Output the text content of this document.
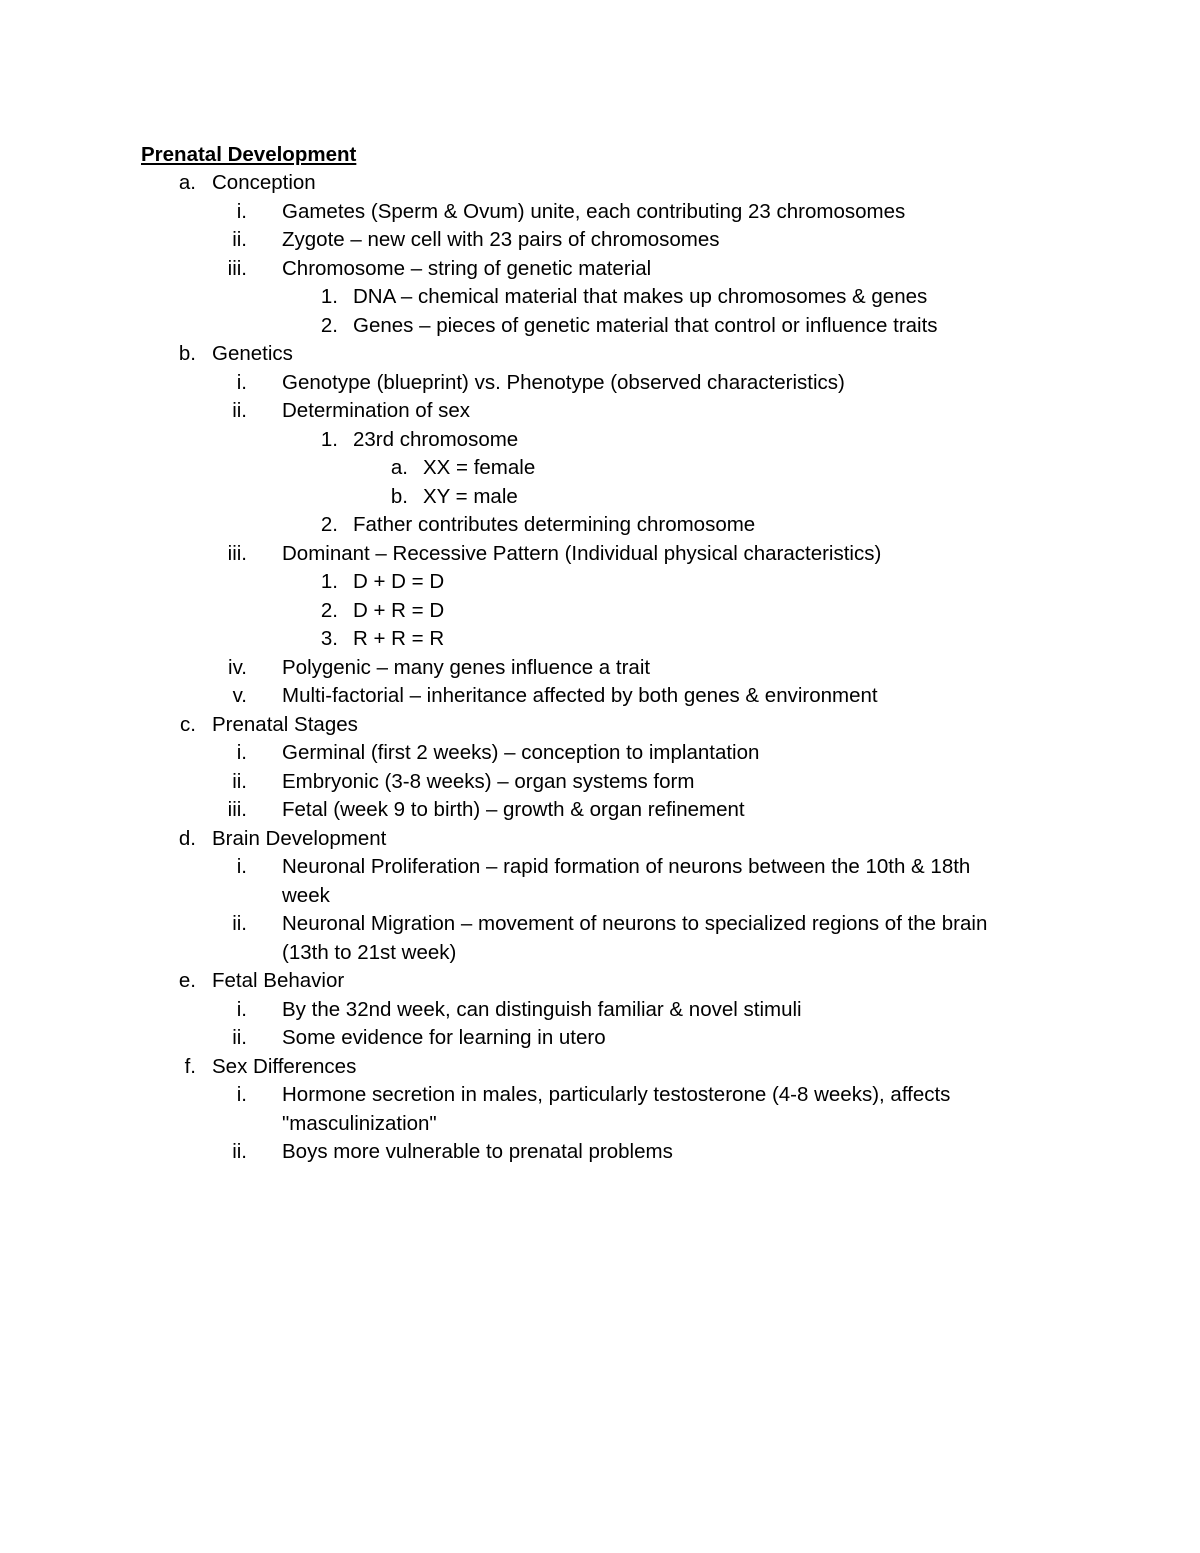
Prenatal Development
a. Conception
i. Gametes (Sperm & Ovum) unite, each contributing 23 chromosomes
ii. Zygote – new cell with 23 pairs of chromosomes
iii. Chromosome – string of genetic material
1. DNA – chemical material that makes up chromosomes & genes
2. Genes – pieces of genetic material that control or influence traits
b. Genetics
i. Genotype (blueprint) vs. Phenotype (observed characteristics)
ii. Determination of sex
1. 23rd chromosome
a. XX = female
b. XY = male
2. Father contributes determining chromosome
iii. Dominant – Recessive Pattern (Individual physical characteristics)
1. D + D = D
2. D + R = D
3. R + R = R
iv. Polygenic – many genes influence a trait
v. Multi-factorial – inheritance affected by both genes & environment
c. Prenatal Stages
i. Germinal (first 2 weeks) – conception to implantation
ii. Embryonic (3-8 weeks) – organ systems form
iii. Fetal (week 9 to birth) – growth & organ refinement
d. Brain Development
i. Neuronal Proliferation – rapid formation of neurons between the 10th & 18th
week
ii. Neuronal Migration – movement of neurons to specialized regions of the brain
(13th to 21st week)
e. Fetal Behavior
i. By the 32nd week, can distinguish familiar & novel stimuli
ii. Some evidence for learning in utero
f. Sex Differences
i. Hormone secretion in males, particularly testosterone (4-8 weeks), affects
"masculinization"
ii. Boys more vulnerable to prenatal problems
